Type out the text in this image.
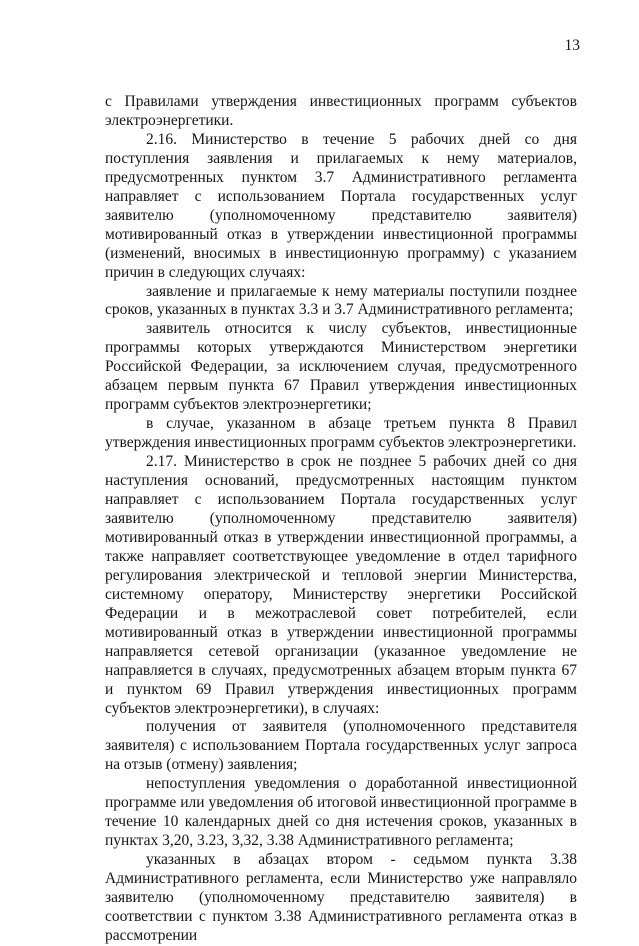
13

с Правилами утверждения инвестиционных программ субъектов электроэнергетики.

2.16. Министерство в течение 5 рабочих дней со дня поступления заявления и прилагаемых к нему материалов, предусмотренных пунктом 3.7 Административного регламента направляет с использованием Портала государственных услуг заявителю (уполномоченному представителю заявителя) мотивированный отказ в утверждении инвестиционной программы (изменений, вносимых в инвестиционную программу) с указанием причин в следующих случаях:

заявление и прилагаемые к нему материалы поступили позднее сроков, указанных в пунктах 3.3 и 3.7 Административного регламента;

заявитель относится к числу субъектов, инвестиционные программы которых утверждаются Министерством энергетики Российской Федерации, за исключением случая, предусмотренного абзацем первым пункта 67 Правил утверждения инвестиционных программ субъектов электроэнергетики;

в случае, указанном в абзаце третьем пункта 8 Правил утверждения инвестиционных программ субъектов электроэнергетики.

2.17. Министерство в срок не позднее 5 рабочих дней со дня наступления оснований, предусмотренных настоящим пунктом направляет с использованием Портала государственных услуг заявителю (уполномоченному представителю заявителя) мотивированный отказ в утверждении инвестиционной программы, а также направляет соответствующее уведомление в отдел тарифного регулирования электрической и тепловой энергии Министерства, системному оператору, Министерству энергетики Российской Федерации и в межотраслевой совет потребителей, если мотивированный отказ в утверждении инвестиционной программы направляется сетевой организации (указанное уведомление не направляется в случаях, предусмотренных абзацем вторым пункта 67 и пунктом 69 Правил утверждения инвестиционных программ субъектов электроэнергетики), в случаях:

получения от заявителя (уполномоченного представителя заявителя) с использованием Портала государственных услуг запроса на отзыв (отмену) заявления;

непоступления уведомления о доработанной инвестиционной программе или уведомления об итоговой инвестиционной программе в течение 10 календарных дней со дня истечения сроков, указанных в пунктах 3,20, 3.23, 3,32, 3.38 Административного регламента;

указанных в абзацах втором - седьмом пункта 3.38 Административного регламента, если Министерство уже направляло заявителю (уполномоченному представителю заявителя) в соответствии с пунктом 3.38 Административного регламента отказ в рассмотрении
